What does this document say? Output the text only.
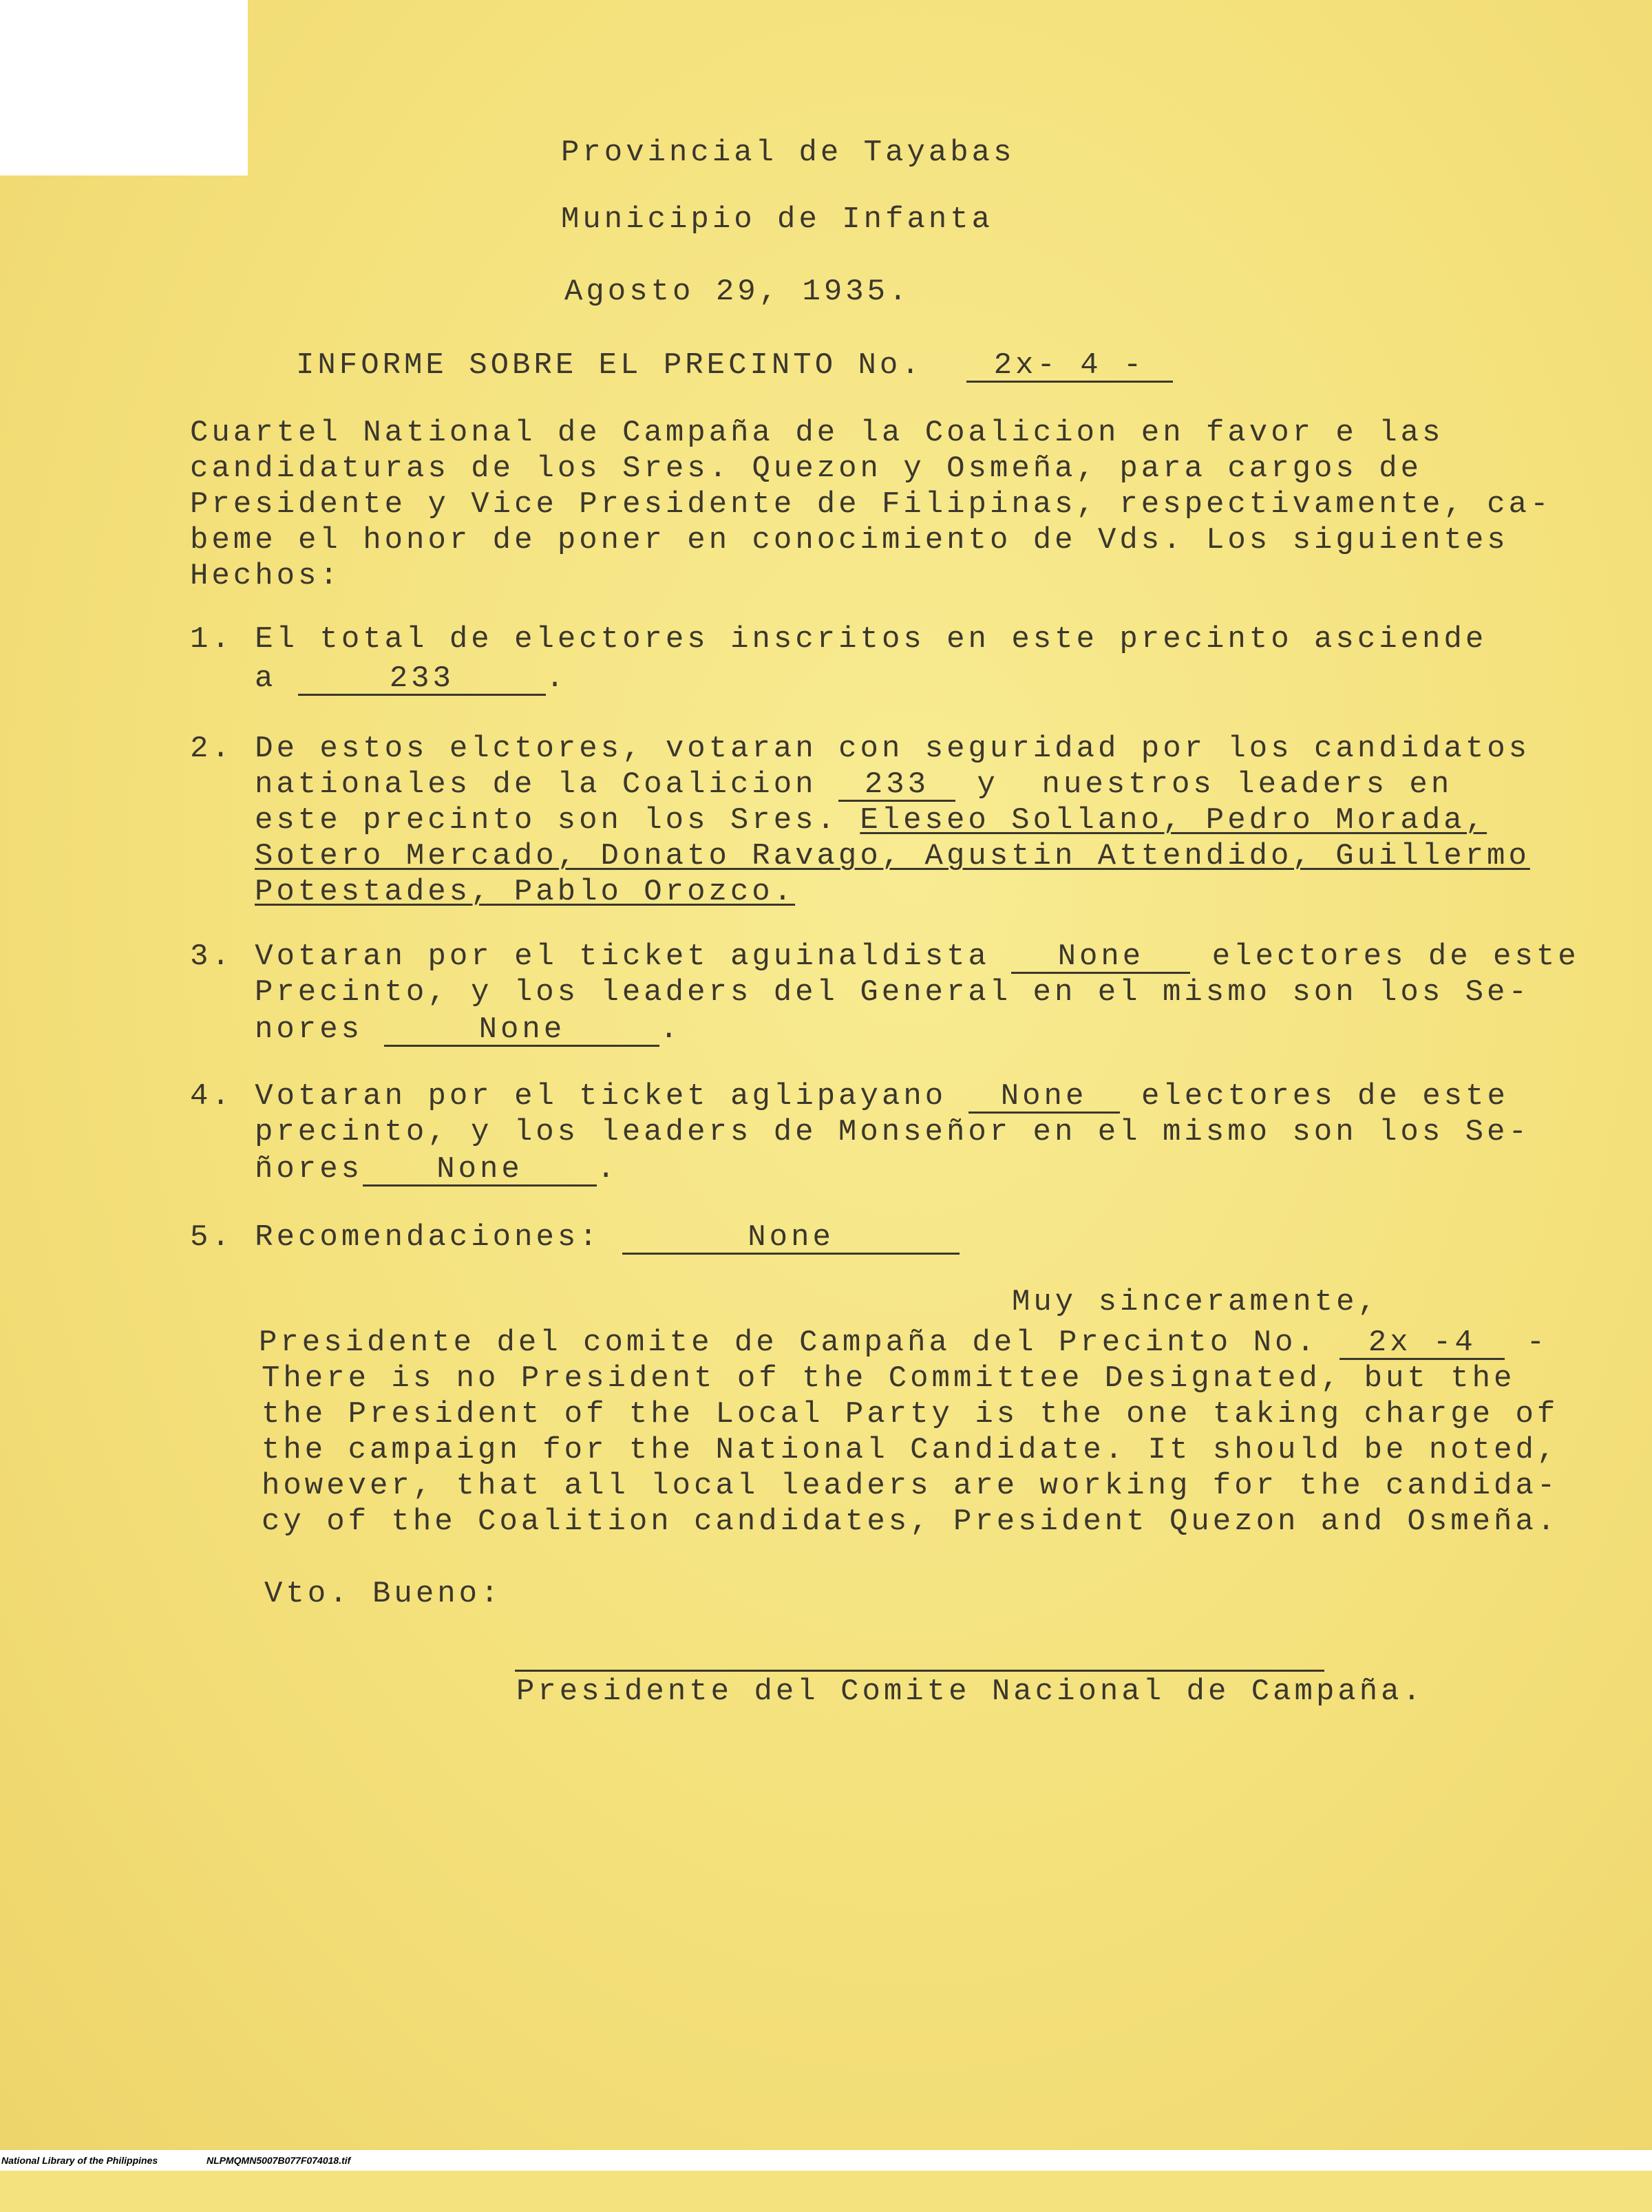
Provincial de Tayabas
Municipio de Infanta
Agosto 29, 1935.
INFORME SOBRE EL PRECINTO No. 2x- 4 -
Cuartel National de Campaña de la Coalicion en favor e las
candidaturas de los Sres. Quezon y Osmeña, para cargos de
Presidente y Vice Presidente de Filipinas, respectivamente, ca-
beme el honor de poner en conocimiento de Vds. Los siguientes
Hechos:
1. El total de electores inscritos en este precinto asciende
a	233	.
2. De estos elctores, votaran con seguridad por los candidatos
nationales de la Coalicion 233 y  nuestros leaders en
este precinto son los Sres. Eleseo Sollano, Pedro Morada,
Sotero Mercado, Donato Ravago, Agustin Attendido, Guillermo
Potestades, Pablo Orozco.
3. Votaran por el ticket aguinaldista None electores de este
Precinto, y los leaders del General en el mismo son los Se-
nores	None	.
4. Votaran por el ticket aglipayano None electores de este
precinto, y los leaders de Monseñor en el mismo son los Se-
ñores None .
5. Recomendaciones:	None
Muy sinceramente,
Presidente del comite de Campaña del Precinto No. 2x -4 -
There is no President of the Committee Designated, but the
the President of the Local Party is the one taking charge of
the campaign for the National Candidate. It should be noted,
however, that all local leaders are working for the candida-
cy of the Coalition candidates, President Quezon and Osmeña.
Vto. Bueno:
Presidente del Comite Nacional de Campaña.

National Library of the Philippines

	NLPMQMN5007B077F074018.tif
